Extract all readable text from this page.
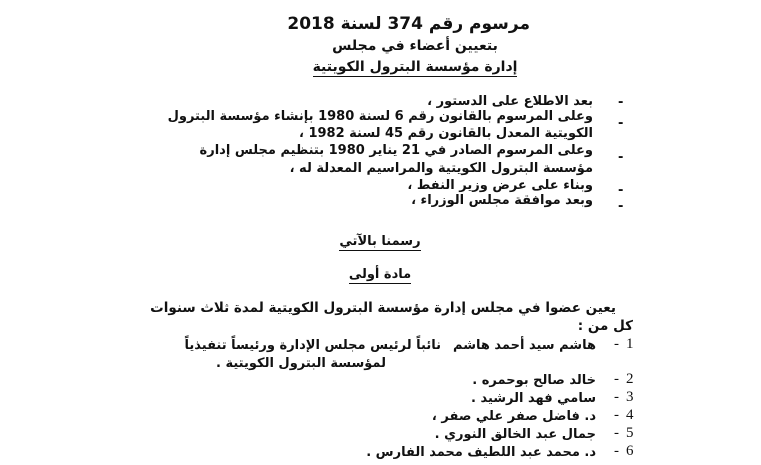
مرسوم رقم 374 لسنة 2018
بتعيين أعضاء في مجلس
إدارة مؤسسة البترول الكويتية
-
بعد الاطلاع على الدستور ،
-
وعلى المرسوم بالقانون رقم 6 لسنة 1980 بإنشاء مؤسسة البترول
الكويتية المعدل بالقانون رقم 45 لسنة 1982 ،
-
وعلى المرسوم الصادر في 21 يناير 1980 بتنظيم مجلس إدارة
مؤسسة البترول الكويتية والمراسيم المعدلة له ،
-
وبناء على عرض وزير النفط ،
-
وبعد موافقة مجلس الوزراء ،
رسمنا بالآتي
مادة أولى
يعين عضوا في مجلس إدارة مؤسسة البترول الكويتية لمدة ثلاث سنوات
كل من :
1
-
هاشم سيد أحمد هاشم
نائباً لرئيس مجلس الإدارة ورئيساً تنفيذياً
لمؤسسة البترول الكويتية .
2
-
خالد صالح بوحمره .
3
-
سامي فهد الرشيد .
4
-
د. فاضل صفر علي صفر ،
5
-
جمال عبد الخالق النوري .
6
-
د. محمد عبد اللطيف محمد الفارس .
